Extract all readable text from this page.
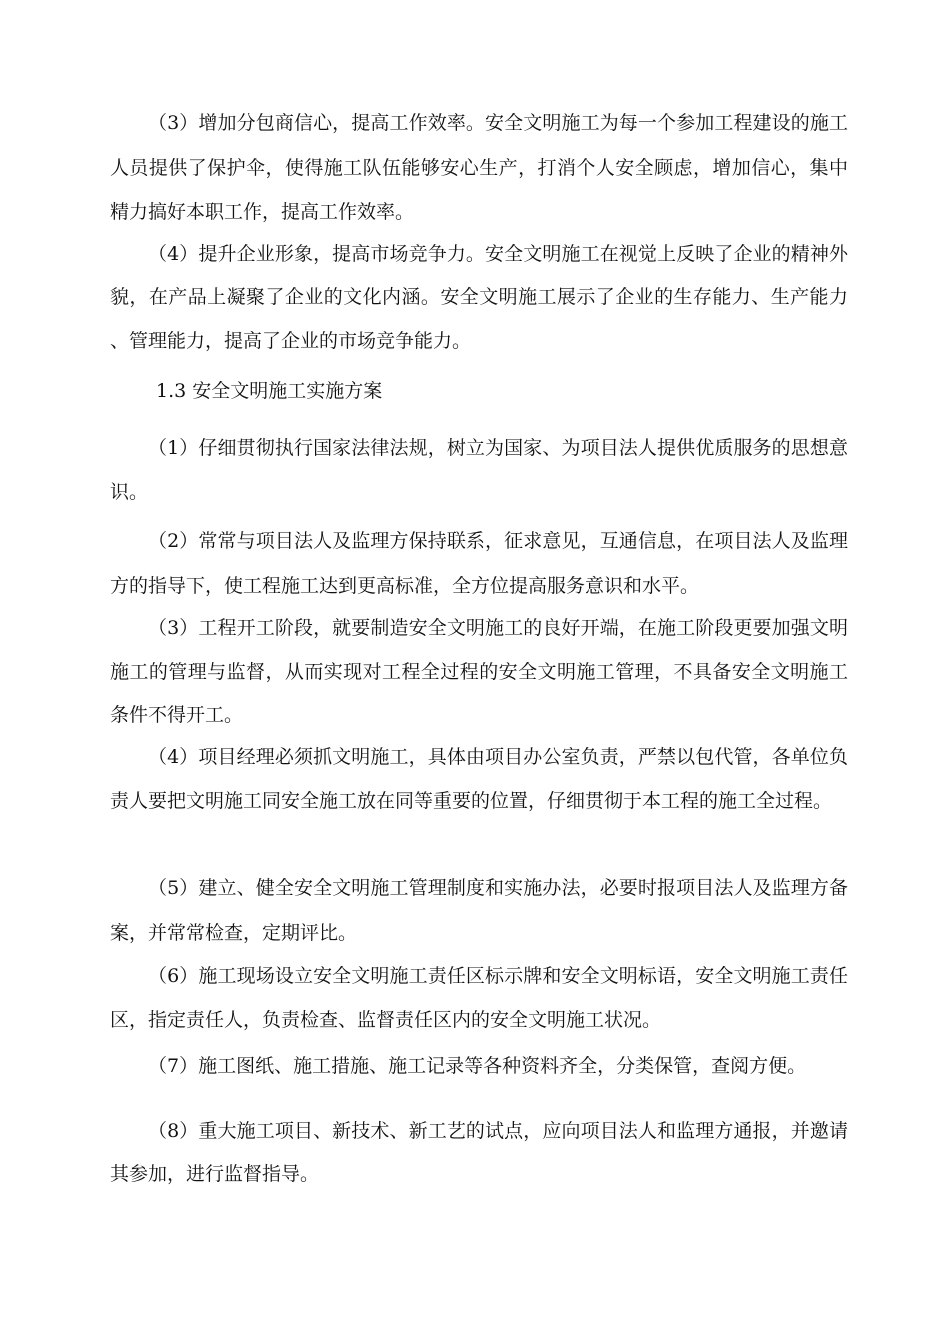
（3）增加分包商信心，提高工作效率。安全文明施工为每一个参加工程建设的施工人员提供了保护伞，使得施工队伍能够安心生产，打消个人安全顾虑，增加信心，集中精力搞好本职工作，提高工作效率。

（4）提升企业形象，提高市场竞争力。安全文明施工在视觉上反映了企业的精神外貌，在产品上凝聚了企业的文化内涵。安全文明施工展示了企业的生存能力、生产能力、管理能力，提高了企业的市场竞争能力。

1.3 安全文明施工实施方案

（1）仔细贯彻执行国家法律法规，树立为国家、为项目法人提供优质服务的思想意识。

（2）常常与项目法人及监理方保持联系，征求意见，互通信息，在项目法人及监理方的指导下，使工程施工达到更高标准，全方位提高服务意识和水平。

（3）工程开工阶段，就要制造安全文明施工的良好开端，在施工阶段更要加强文明施工的管理与监督，从而实现对工程全过程的安全文明施工管理，不具备安全文明施工条件不得开工。

（4）项目经理必须抓文明施工，具体由项目办公室负责，严禁以包代管，各单位负责人要把文明施工同安全施工放在同等重要的位置，仔细贯彻于本工程的施工全过程。

（5）建立、健全安全文明施工管理制度和实施办法，必要时报项目法人及监理方备案，并常常检查，定期评比。

（6）施工现场设立安全文明施工责任区标示牌和安全文明标语，安全文明施工责任区，指定责任人，负责检查、监督责任区内的安全文明施工状况。

（7）施工图纸、施工措施、施工记录等各种资料齐全，分类保管，查阅方便。

（8）重大施工项目、新技术、新工艺的试点，应向项目法人和监理方通报，并邀请其参加，进行监督指导。
